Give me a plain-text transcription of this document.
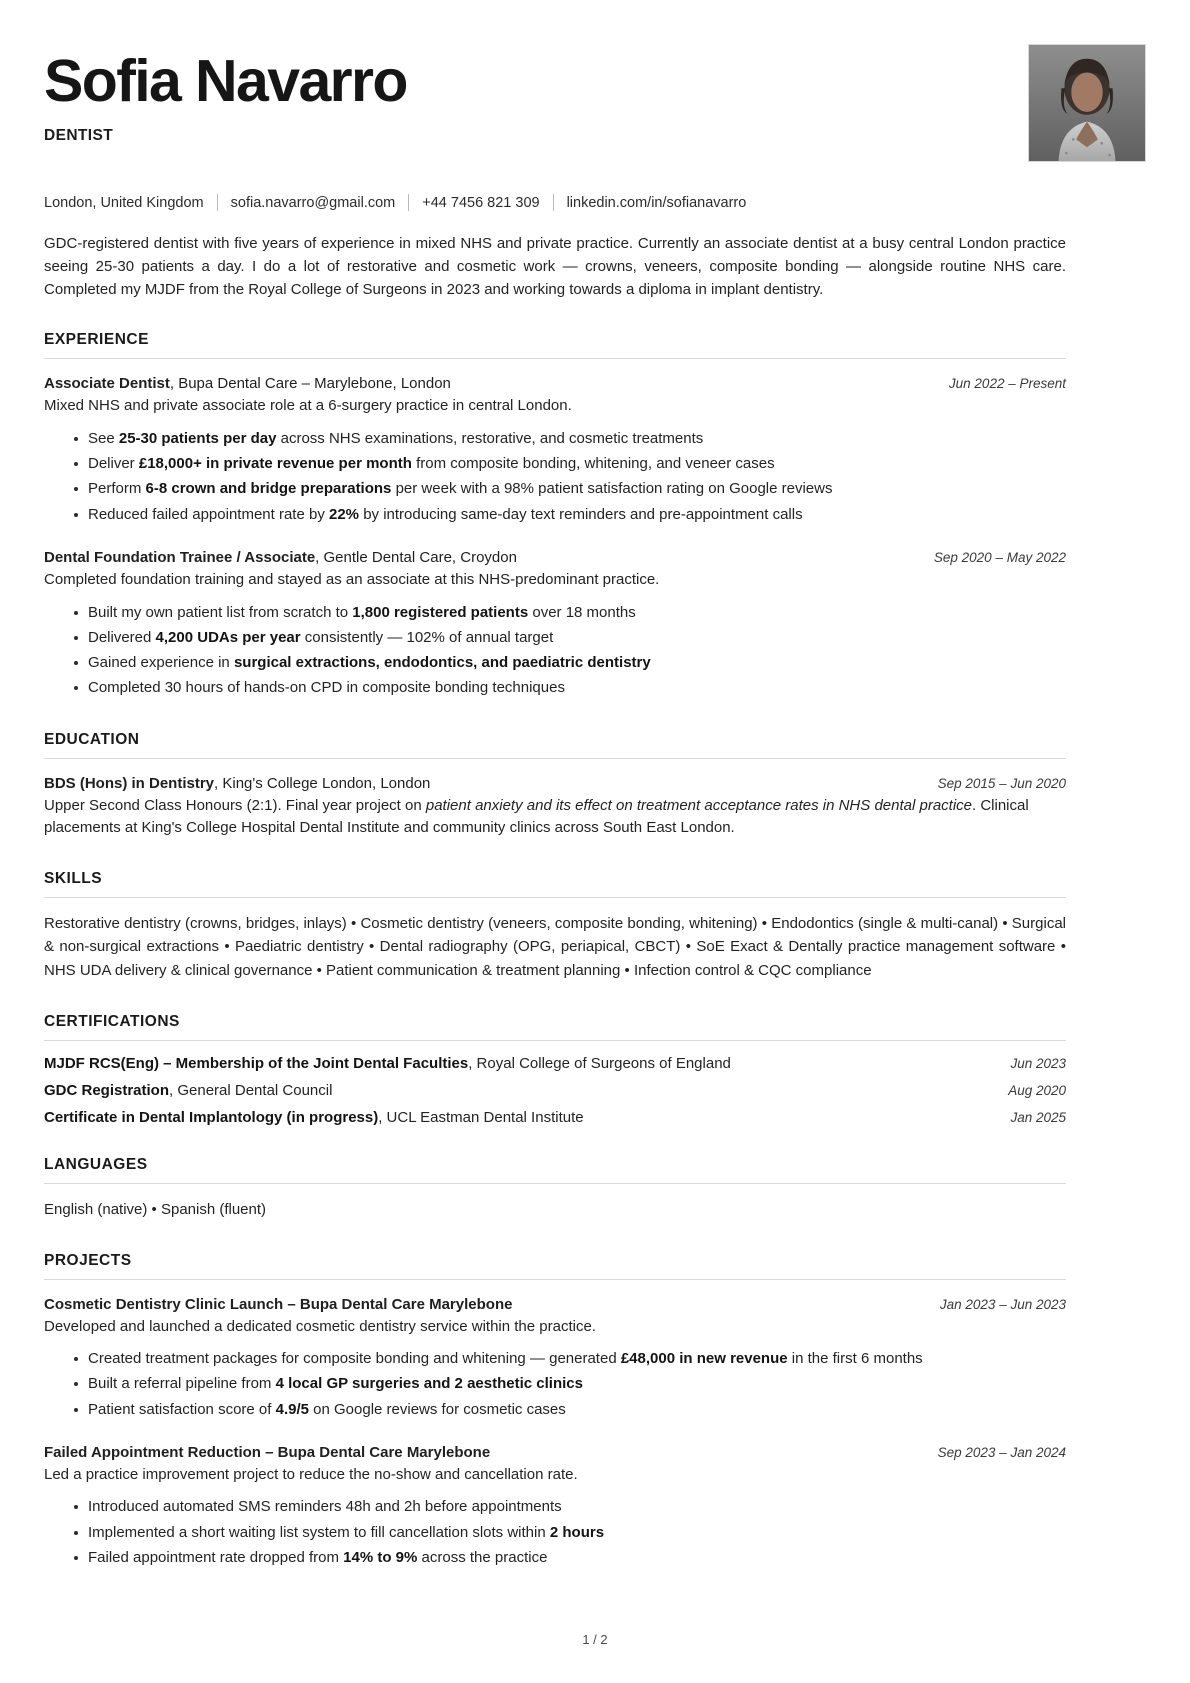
Sofia Navarro
DENTIST
London, United Kingdom sofia.navarro@gmail.com +44 7456 821 309 linkedin.com/in/sofianavarro

GDC-registered dentist with five years of experience in mixed NHS and private practice. Currently an associate dentist at a busy central London practice seeing 25-30 patients a day. I do a lot of restorative and cosmetic work — crowns, veneers, composite bonding — alongside routine NHS care. Completed my MJDF from the Royal College of Surgeons in 2023 and working towards a diploma in implant dentistry.

EXPERIENCE
Associate Dentist, Bupa Dental Care – Marylebone, London	Jun 2022 – Present
Mixed NHS and private associate role at a 6-surgery practice in central London.
See 25-30 patients per day across NHS examinations, restorative, and cosmetic treatments
Deliver £18,000+ in private revenue per month from composite bonding, whitening, and veneer cases
Perform 6-8 crown and bridge preparations per week with a 98% patient satisfaction rating on Google reviews
Reduced failed appointment rate by 22% by introducing same-day text reminders and pre-appointment calls
Dental Foundation Trainee / Associate, Gentle Dental Care, Croydon	Sep 2020 – May 2022
Completed foundation training and stayed as an associate at this NHS-predominant practice.
Built my own patient list from scratch to 1,800 registered patients over 18 months
Delivered 4,200 UDAs per year consistently — 102% of annual target
Gained experience in surgical extractions, endodontics, and paediatric dentistry
Completed 30 hours of hands-on CPD in composite bonding techniques
EDUCATION
BDS (Hons) in Dentistry, King's College London, London	Sep 2015 – Jun 2020
Upper Second Class Honours (2:1). Final year project on patient anxiety and its effect on treatment acceptance rates in NHS dental practice. Clinical placements at King's College Hospital Dental Institute and community clinics across South East London.
SKILLS
Restorative dentistry (crowns, bridges, inlays) • Cosmetic dentistry (veneers, composite bonding, whitening) • Endodontics (single & multi-canal) • Surgical & non-surgical extractions • Paediatric dentistry • Dental radiography (OPG, periapical, CBCT) • SoE Exact & Dentally practice management software • NHS UDA delivery & clinical governance • Patient communication & treatment planning • Infection control & CQC compliance
CERTIFICATIONS
MJDF RCS(Eng) – Membership of the Joint Dental Faculties, Royal College of Surgeons of England	Jun 2023
GDC Registration, General Dental Council	Aug 2020
Certificate in Dental Implantology (in progress), UCL Eastman Dental Institute	Jan 2025
LANGUAGES
English (native) • Spanish (fluent)
PROJECTS
Cosmetic Dentistry Clinic Launch – Bupa Dental Care Marylebone	Jan 2023 – Jun 2023
Developed and launched a dedicated cosmetic dentistry service within the practice.
Created treatment packages for composite bonding and whitening — generated £48,000 in new revenue in the first 6 months
Built a referral pipeline from 4 local GP surgeries and 2 aesthetic clinics
Patient satisfaction score of 4.9/5 on Google reviews for cosmetic cases
Failed Appointment Reduction – Bupa Dental Care Marylebone	Sep 2023 – Jan 2024
Led a practice improvement project to reduce the no-show and cancellation rate.
Introduced automated SMS reminders 48h and 2h before appointments
Implemented a short waiting list system to fill cancellation slots within 2 hours
Failed appointment rate dropped from 14% to 9% across the practice
1 / 2
